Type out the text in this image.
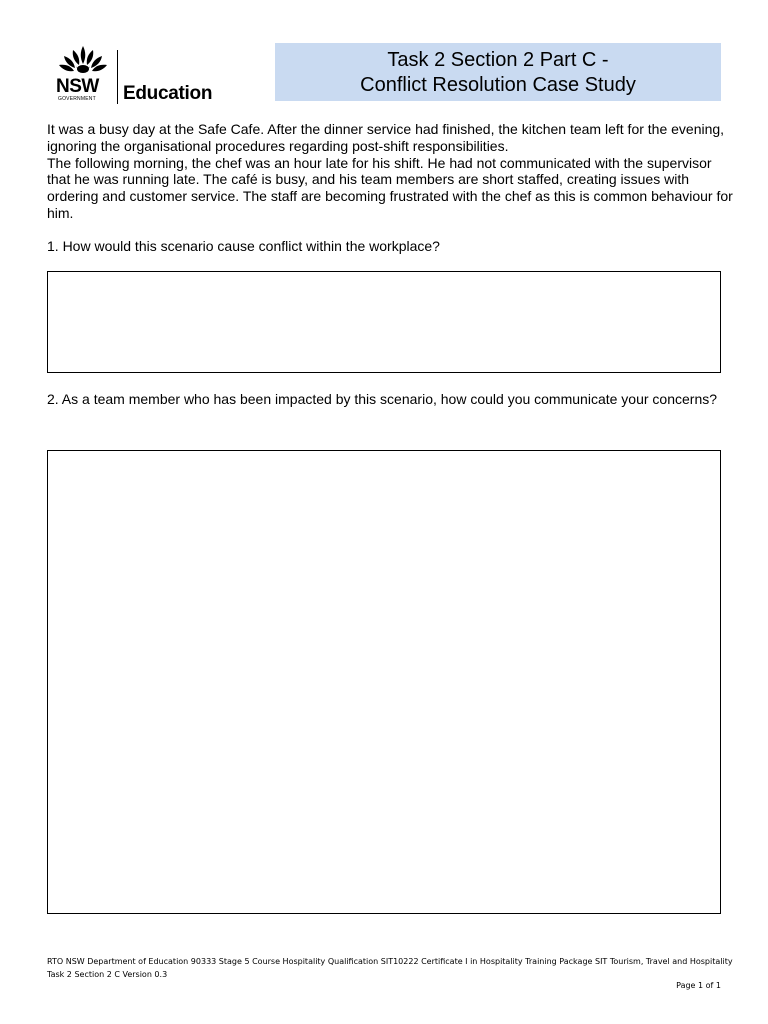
NSW
GOVERNMENT Education
Task 2 Section 2 Part C -
Conflict Resolution Case Study

It was a busy day at the Safe Cafe. After the dinner service had finished, the kitchen team left for the evening, ignoring the organisational procedures regarding post-shift responsibilities.

The following morning, the chef was an hour late for his shift. He had not communicated with the supervisor that he was running late. The café is busy, and his team members are short staffed, creating issues with ordering and customer service. The staff are becoming frustrated with the chef as this is common behaviour for him.

1. How would this scenario cause conflict within the workplace?

2. As a team member who has been impacted by this scenario, how could you communicate your concerns?

RTO NSW Department of Education 90333 Stage 5 Course Hospitality Qualification SIT10222 Certificate I in Hospitality Training Package SIT Tourism, Travel and Hospitality Task 2 Section 2 C Version 0.3
Page 1 of 1
